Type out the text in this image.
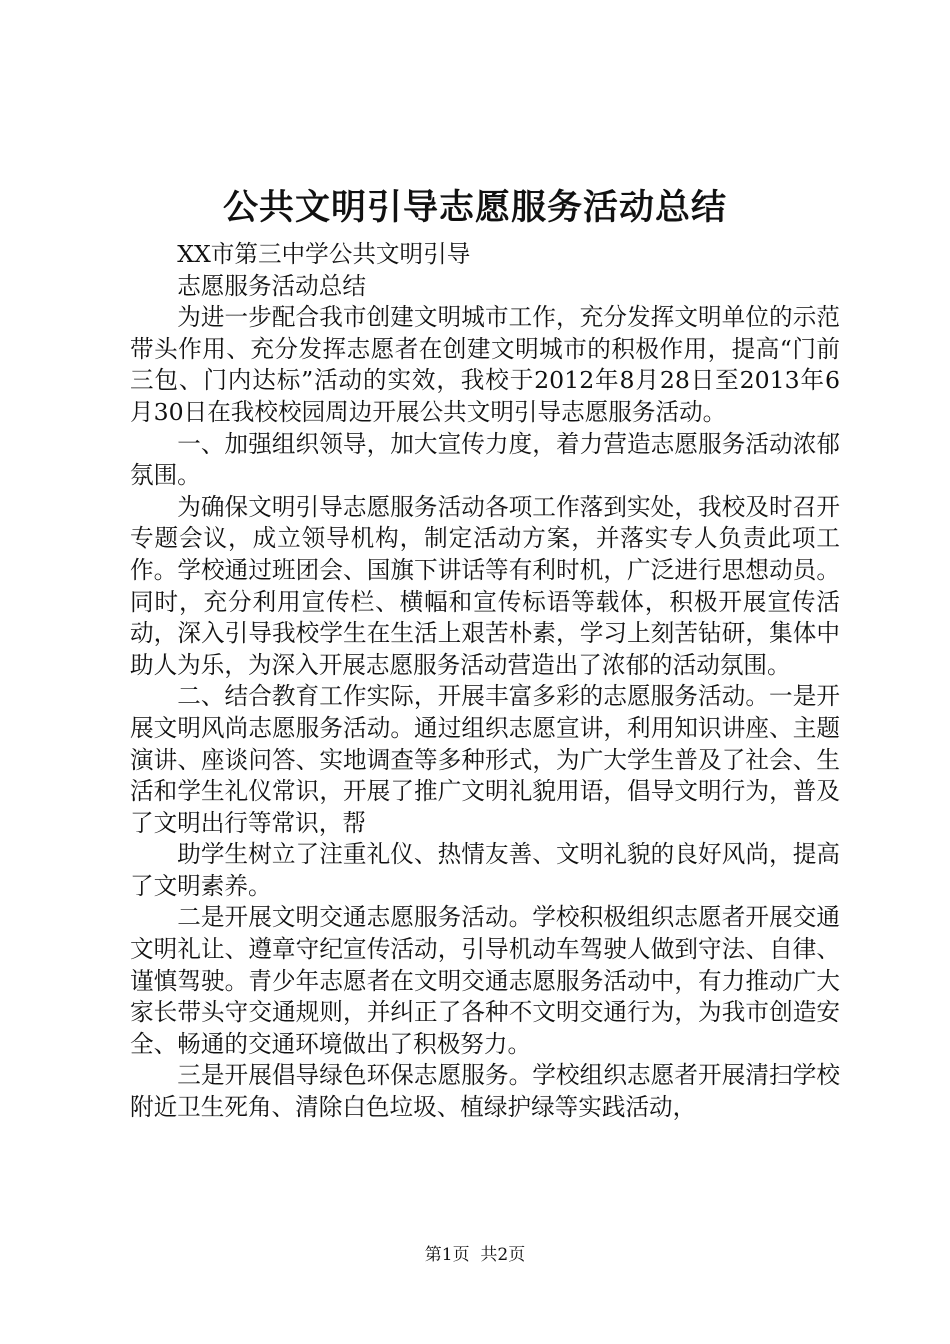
公共文明引导志愿服务活动总结

XX市第三中学公共文明引导

志愿服务活动总结

为进一步配合我市创建文明城市工作，充分发挥文明单位的示范带头作用、充分发挥志愿者在创建文明城市的积极作用，提高“门前三包、门内达标”活动的实效，我校于2012年8月28日至2013年6月30日在我校校园周边开展公共文明引导志愿服务活动。

一、加强组织领导，加大宣传力度，着力营造志愿服务活动浓郁氛围。

为确保文明引导志愿服务活动各项工作落到实处，我校及时召开专题会议，成立领导机构，制定活动方案，并落实专人负责此项工作。学校通过班团会、国旗下讲话等有利时机，广泛进行思想动员。同时，充分利用宣传栏、横幅和宣传标语等载体，积极开展宣传活动，深入引导我校学生在生活上艰苦朴素，学习上刻苦钻研，集体中助人为乐，为深入开展志愿服务活动营造出了浓郁的活动氛围。

二、结合教育工作实际，开展丰富多彩的志愿服务活动。一是开展文明风尚志愿服务活动。通过组织志愿宣讲，利用知识讲座、主题演讲、座谈问答、实地调查等多种形式，为广大学生普及了社会、生活和学生礼仪常识，开展了推广文明礼貌用语，倡导文明行为，普及了文明出行等常识，帮

助学生树立了注重礼仪、热情友善、文明礼貌的良好风尚，提高了文明素养。

二是开展文明交通志愿服务活动。学校积极组织志愿者开展交通文明礼让、遵章守纪宣传活动，引导机动车驾驶人做到守法、自律、谨慎驾驶。青少年志愿者在文明交通志愿服务活动中，有力推动广大家长带头守交通规则，并纠正了各种不文明交通行为，为我市创造安全、畅通的交通环境做出了积极努力。

三是开展倡导绿色环保志愿服务。学校组织志愿者开展清扫学校附近卫生死角、清除白色垃圾、植绿护绿等实践活动，

第1页 共2页
